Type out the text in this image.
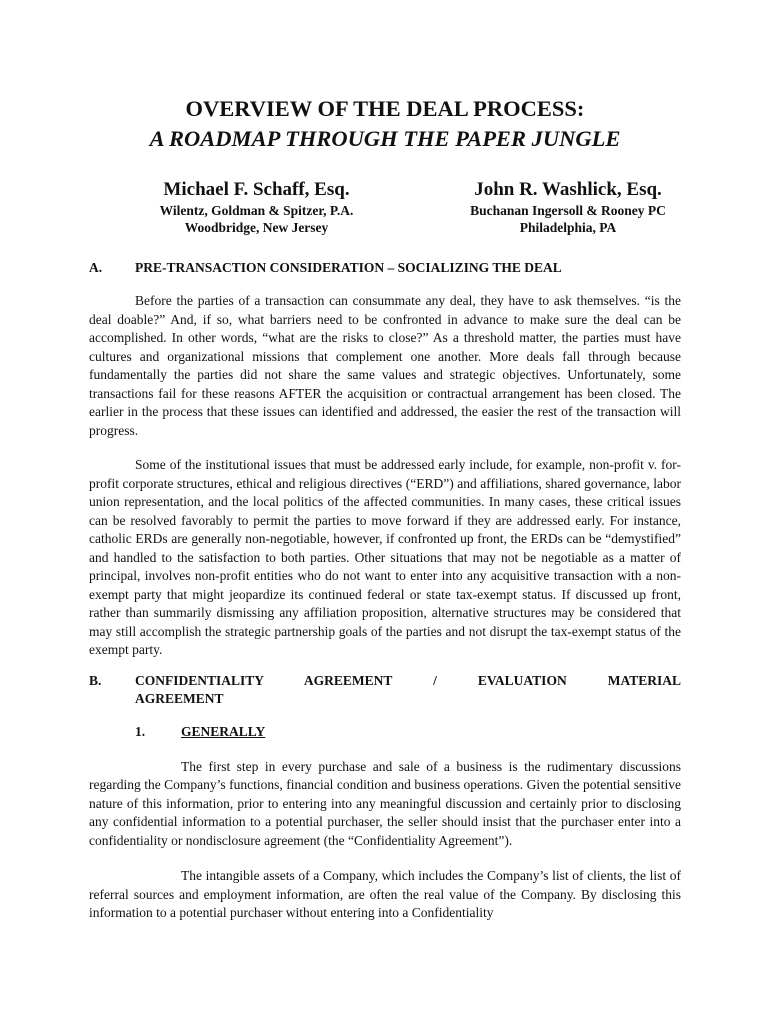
OVERVIEW OF THE DEAL PROCESS:
A ROADMAP THROUGH THE PAPER JUNGLE
Michael F. Schaff, Esq.
Wilentz, Goldman & Spitzer, P.A.
Woodbridge, New Jersey
John R. Washlick, Esq.
Buchanan Ingersoll & Rooney PC
Philadelphia, PA
A.	PRE-TRANSACTION CONSIDERATION – SOCIALIZING THE DEAL

Before the parties of a transaction can consummate any deal, they have to ask themselves. “is the deal doable?” And, if so, what barriers need to be confronted in advance to make sure the deal can be accomplished. In other words, “what are the risks to close?” As a threshold matter, the parties must have cultures and organizational missions that complement one another. More deals fall through because fundamentally the parties did not share the same values and strategic objectives. Unfortunately, some transactions fail for these reasons AFTER the acquisition or contractual arrangement has been closed. The earlier in the process that these issues can identified and addressed, the easier the rest of the transaction will progress.

Some of the institutional issues that must be addressed early include, for example, non-profit v. for-profit corporate structures, ethical and religious directives (“ERD”) and affiliations, shared governance, labor union representation, and the local politics of the affected communities. In many cases, these critical issues can be resolved favorably to permit the parties to move forward if they are addressed early. For instance, catholic ERDs are generally non-negotiable, however, if confronted up front, the ERDs can be “demystified” and handled to the satisfaction to both parties. Other situations that may not be negotiable as a matter of principal, involves non-profit entities who do not want to enter into any acquisitive transaction with a non-exempt party that might jeopardize its continued federal or state tax-exempt status. If discussed up front, rather than summarily dismissing any affiliation proposition, alternative structures may be considered that may still accomplish the strategic partnership goals of the parties and not disrupt the tax-exempt status of the exempt party.

B.	CONFIDENTIALITY AGREEMENT / EVALUATION MATERIAL
AGREEMENT
1.	GENERALLY

The first step in every purchase and sale of a business is the rudimentary discussions regarding the Company’s functions, financial condition and business operations. Given the potential sensitive nature of this information, prior to entering into any meaningful discussion and certainly prior to disclosing any confidential information to a potential purchaser, the seller should insist that the purchaser enter into a confidentiality or nondisclosure agreement (the “Confidentiality Agreement”).

The intangible assets of a Company, which includes the Company’s list of clients, the list of referral sources and employment information, are often the real value of the Company. By disclosing this information to a potential purchaser without entering into a Confidentiality
